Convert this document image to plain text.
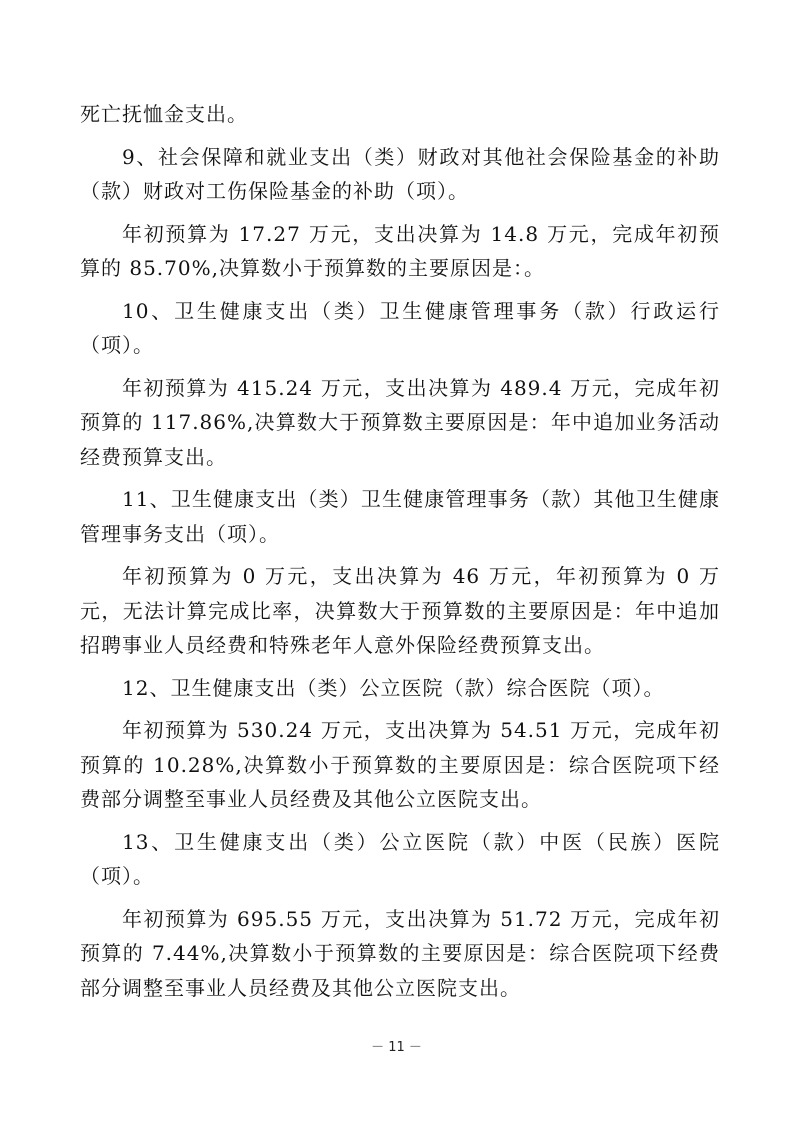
死亡抚恤金支出。

9、社会保障和就业支出（类）财政对其他社会保险基金的补助（款）财政对工伤保险基金的补助（项）。

年初预算为 17.27 万元，支出决算为 14.8 万元，完成年初预算的 85.70%,决算数小于预算数的主要原因是：。

10、卫生健康支出（类）卫生健康管理事务（款）行政运行（项）。

年初预算为 415.24 万元，支出决算为 489.4 万元，完成年初预算的 117.86%,决算数大于预算数主要原因是：年中追加业务活动经费预算支出。

11、卫生健康支出（类）卫生健康管理事务（款）其他卫生健康管理事务支出（项）。

年初预算为 0 万元，支出决算为 46 万元，年初预算为 0 万元，无法计算完成比率，决算数大于预算数的主要原因是：年中追加招聘事业人员经费和特殊老年人意外保险经费预算支出。

12、卫生健康支出（类）公立医院（款）综合医院（项）。

年初预算为 530.24 万元，支出决算为 54.51 万元，完成年初预算的 10.28%,决算数小于预算数的主要原因是：综合医院项下经费部分调整至事业人员经费及其他公立医院支出。

13、卫生健康支出（类）公立医院（款）中医（民族）医院（项）。

年初预算为 695.55 万元，支出决算为 51.72 万元，完成年初预算的 7.44%,决算数小于预算数的主要原因是：综合医院项下经费部分调整至事业人员经费及其他公立医院支出。

－ 11 －
